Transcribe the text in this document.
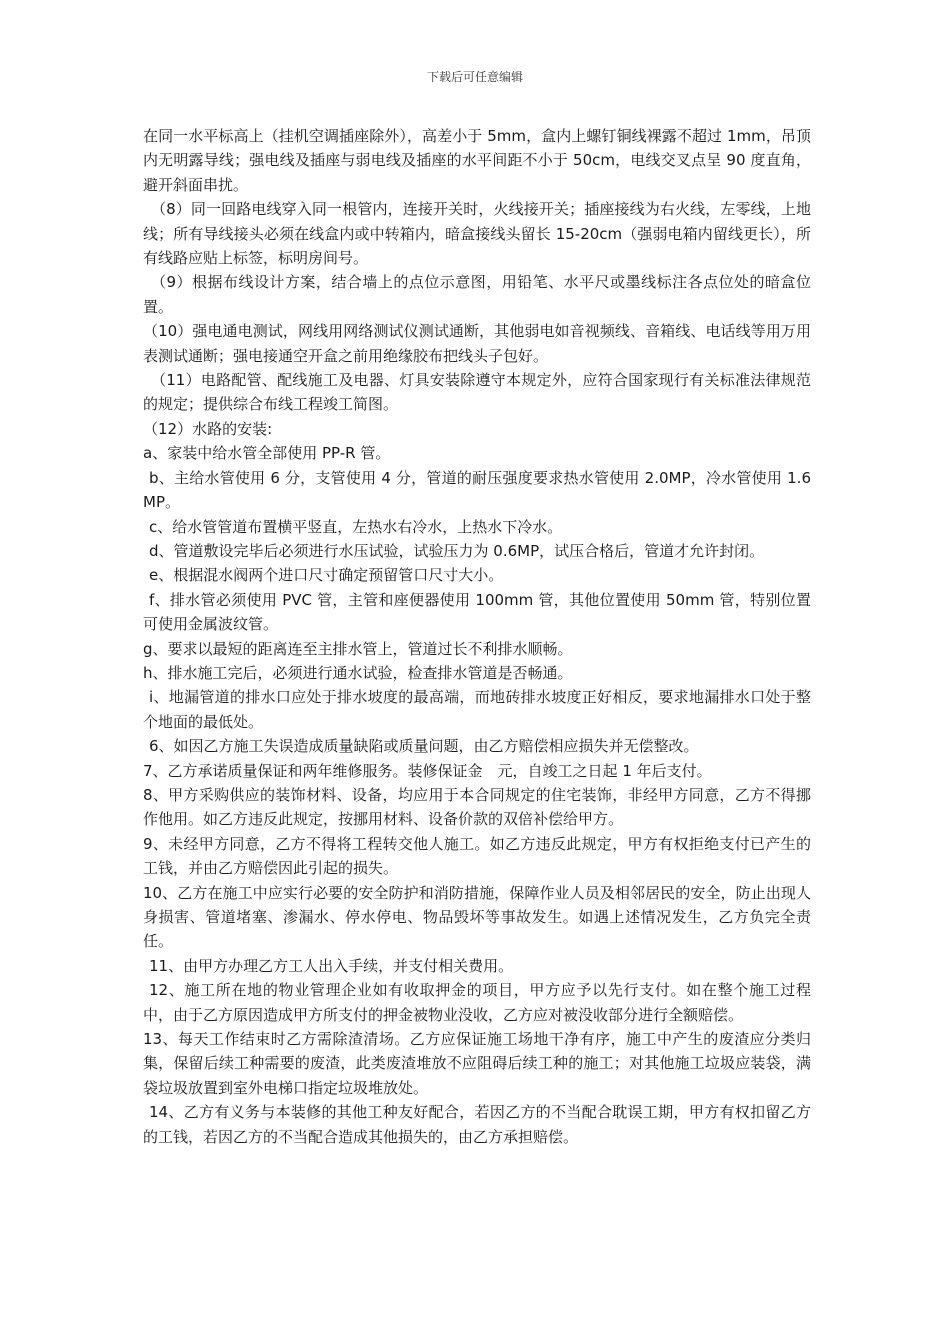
下载后可任意编辑

在同一水平标高上（挂机空调插座除外），高差小于 5mm，盒内上螺钉铜线裸露不超过 1mm，吊顶内无明露导线；强电线及插座与弱电线及插座的水平间距不小于 50cm，电线交叉点呈 90 度直角，避开斜面串扰。

（8）同一回路电线穿入同一根管内，连接开关时，火线接开关；插座接线为右火线，左零线，上地线；所有导线接头必须在线盒内或中转箱内，暗盒接线头留长 15-20cm（强弱电箱内留线更长），所有线路应贴上标签，标明房间号。

（9）根据布线设计方案，结合墙上的点位示意图，用铅笔、水平尺或墨线标注各点位处的暗盒位置。

（10）强电通电测试，网线用网络测试仪测试通断，其他弱电如音视频线、音箱线、电话线等用万用表测试通断；强电接通空开盒之前用绝缘胶布把线头子包好。

（11）电路配管、配线施工及电器、灯具安装除遵守本规定外，应符合国家现行有关标准法律规范的规定；提供综合布线工程竣工简图。

（12）水路的安装:

a、家装中给水管全部使用 PP-R 管。

b、主给水管使用 6 分，支管使用 4 分，管道的耐压强度要求热水管使用 2.0MP，冷水管使用 1.6MP。

c、给水管管道布置横平竖直，左热水右冷水，上热水下冷水。

d、管道敷设完毕后必须进行水压试验，试验压力为 0.6MP，试压合格后，管道才允许封闭。

e、根据混水阀两个进口尺寸确定预留管口尺寸大小。

f、排水管必须使用 PVC 管，主管和座便器使用 100mm 管，其他位置使用 50mm 管，特别位置可使用金属波纹管。

g、要求以最短的距离连至主排水管上，管道过长不利排水顺畅。

h、排水施工完后，必须进行通水试验，检查排水管道是否畅通。

i、地漏管道的排水口应处于排水坡度的最高端，而地砖排水坡度正好相反，要求地漏排水口处于整个地面的最低处。

6、如因乙方施工失误造成质量缺陷或质量问题，由乙方赔偿相应损失并无偿整改。

7、乙方承诺质量保证和两年维修服务。装修保证金　元，自竣工之日起 1 年后支付。

8、甲方采购供应的装饰材料、设备，均应用于本合同规定的住宅装饰，非经甲方同意，乙方不得挪作他用。如乙方违反此规定，按挪用材料、设备价款的双倍补偿给甲方。

9、未经甲方同意，乙方不得将工程转交他人施工。如乙方违反此规定，甲方有权拒绝支付已产生的工钱，并由乙方赔偿因此引起的损失。

10、乙方在施工中应实行必要的安全防护和消防措施，保障作业人员及相邻居民的安全，防止出现人身损害、管道堵塞、渗漏水、停水停电、物品毁坏等事故发生。如遇上述情况发生，乙方负完全责任。

11、由甲方办理乙方工人出入手续，并支付相关费用。

12、施工所在地的物业管理企业如有收取押金的项目，甲方应予以先行支付。如在整个施工过程中，由于乙方原因造成甲方所支付的押金被物业没收，乙方应对被没收部分进行全额赔偿。

13、每天工作结束时乙方需除渣清场。乙方应保证施工场地干净有序，施工中产生的废渣应分类归集，保留后续工种需要的废渣，此类废渣堆放不应阻碍后续工种的施工；对其他施工垃圾应装袋，满袋垃圾放置到室外电梯口指定垃圾堆放处。

14、乙方有义务与本装修的其他工种友好配合，若因乙方的不当配合耽误工期，甲方有权扣留乙方的工钱，若因乙方的不当配合造成其他损失的，由乙方承担赔偿。
